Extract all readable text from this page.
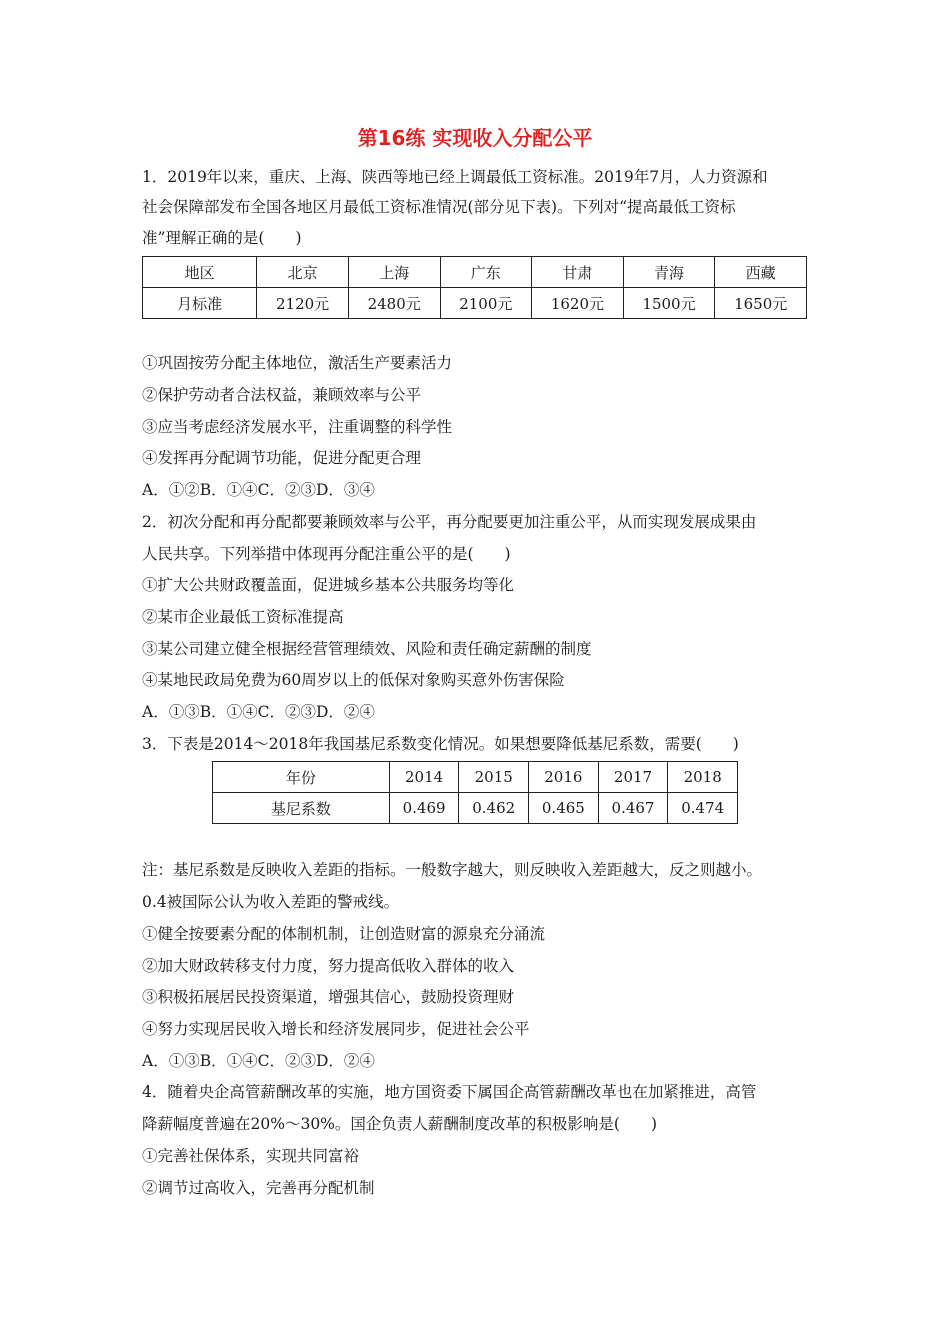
第16练 实现收入分配公平
1．2019年以来，重庆、上海、陕西等地已经上调最低工资标准。2019年7月，人力资源和
社会保障部发布全国各地区月最低工资标准情况(部分见下表)。下列对“提高最低工资标
准”理解正确的是(　　)
地区	北京	上海	广东	甘肃	青海	西藏
月标准	2120元	2480元	2100元	1620元	1500元	1650元
①巩固按劳分配主体地位，激活生产要素活力
②保护劳动者合法权益，兼顾效率与公平
③应当考虑经济发展水平，注重调整的科学性
④发挥再分配调节功能，促进分配更合理
A．①②B．①④C．②③D．③④
2．初次分配和再分配都要兼顾效率与公平，再分配要更加注重公平，从而实现发展成果由
人民共享。下列举措中体现再分配注重公平的是(　　)
①扩大公共财政覆盖面，促进城乡基本公共服务均等化
②某市企业最低工资标准提高
③某公司建立健全根据经营管理绩效、风险和责任确定薪酬的制度
④某地民政局免费为60周岁以上的低保对象购买意外伤害保险
A．①③B．①④C．②③D．②④
3．下表是2014～2018年我国基尼系数变化情况。如果想要降低基尼系数，需要(　　)
年份	2014	2015	2016	2017	2018
基尼系数	0.469	0.462	0.465	0.467	0.474
注：基尼系数是反映收入差距的指标。一般数字越大，则反映收入差距越大，反之则越小。
0.4被国际公认为收入差距的警戒线。
①健全按要素分配的体制机制，让创造财富的源泉充分涌流
②加大财政转移支付力度，努力提高低收入群体的收入
③积极拓展居民投资渠道，增强其信心，鼓励投资理财
④努力实现居民收入增长和经济发展同步，促进社会公平
A．①③B．①④C．②③D．②④
4．随着央企高管薪酬改革的实施，地方国资委下属国企高管薪酬改革也在加紧推进，高管
降薪幅度普遍在20%～30%。国企负责人薪酬制度改革的积极影响是(　　)
①完善社保体系，实现共同富裕
②调节过高收入，完善再分配机制
